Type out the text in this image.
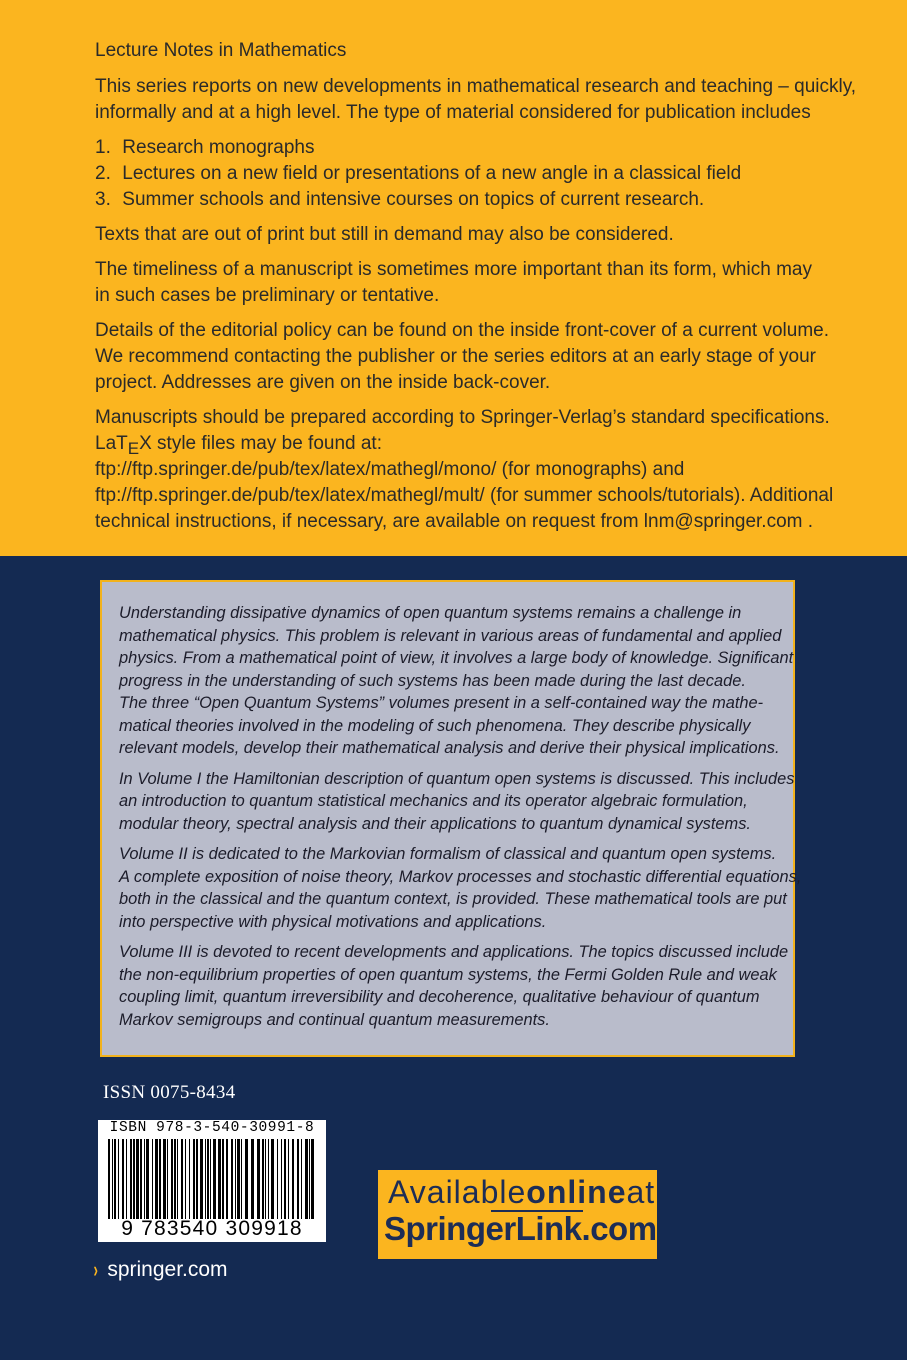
Lecture Notes in Mathematics

This series reports on new developments in mathematical research and teaching – quickly,
informally and at a high level. The type of material considered for publication includes

1. Research monographs
2. Lectures on a new field or presentations of a new angle in a classical field
3. Summer schools and intensive courses on topics of current research.

Texts that are out of print but still in demand may also be considered.

The timeliness of a manuscript is sometimes more important than its form, which may
in such cases be preliminary or tentative.

Details of the editorial policy can be found on the inside front-cover of a current volume.
We recommend contacting the publisher or the series editors at an early stage of your
project. Addresses are given on the inside back-cover.

Manuscripts should be prepared according to Springer-Verlag’s standard specifications.
LaTEX style files may be found at:
ftp://ftp.springer.de/pub/tex/latex/mathegl/mono/ (for monographs) and
ftp://ftp.springer.de/pub/tex/latex/mathegl/mult/ (for summer schools/tutorials). Additional
technical instructions, if necessary, are available on request from lnm@springer.com .

Understanding dissipative dynamics of open quantum systems remains a challenge in
mathematical physics. This problem is relevant in various areas of fundamental and applied
physics. From a mathematical point of view, it involves a large body of knowledge. Significant
progress in the understanding of such systems has been made during the last decade.
The three “Open Quantum Systems” volumes present in a self-contained way the mathe-
matical theories involved in the modeling of such phenomena. They describe physically
relevant models, develop their mathematical analysis and derive their physical implications.

In Volume I the Hamiltonian description of quantum open systems is discussed. This includes
an introduction to quantum statistical mechanics and its operator algebraic formulation,
modular theory, spectral analysis and their applications to quantum dynamical systems.

Volume II is dedicated to the Markovian formalism of classical and quantum open systems.
A complete exposition of noise theory, Markov processes and stochastic differential equations,
both in the classical and the quantum context, is provided. These mathematical tools are put
into perspective with physical motivations and applications.

Volume III is devoted to recent developments and applications. The topics discussed include
the non-equilibrium properties of open quantum systems, the Fermi Golden Rule and weak
coupling limit, quantum irreversibility and decoherence, qualitative behaviour of quantum
Markov semigroups and continual quantum measurements.

ISSN 0075-8434
ISBN 978-3-540-30991-8
9 783540 309918
› springer.com
Availableonlineat
SpringerLink.com
